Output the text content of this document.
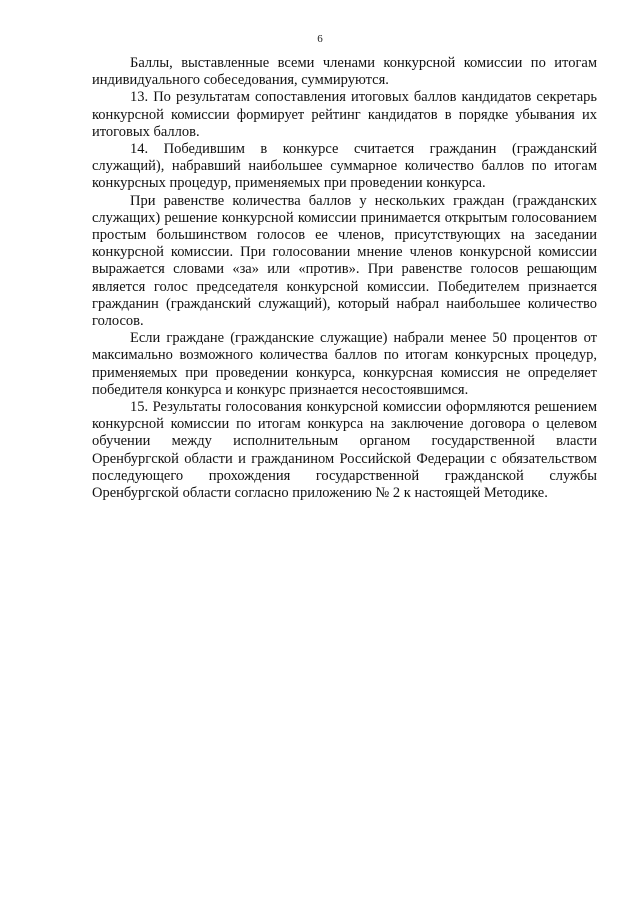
6

Баллы, выставленные всеми членами конкурсной комиссии по итогам индивидуального собеседования, суммируются.

13. По результатам сопоставления итоговых баллов кандидатов секретарь конкурсной комиссии формирует рейтинг кандидатов в порядке убывания их итоговых баллов.

14. Победившим в конкурсе считается гражданин (гражданский служащий), набравший наибольшее суммарное количество баллов по итогам конкурсных процедур, применяемых при проведении конкурса.

При равенстве количества баллов у нескольких граждан (гражданских служащих) решение конкурсной комиссии принимается открытым голосованием простым большинством голосов ее членов, присутствующих на заседании конкурсной комиссии. При голосовании мнение членов конкурсной комиссии выражается словами «за» или «против». При равенстве голосов решающим является голос председателя конкурсной комиссии. Победителем признается гражданин (гражданский служащий), который набрал наибольшее количество голосов.

Если граждане (гражданские служащие) набрали менее 50 процентов от максимально возможного количества баллов по итогам конкурсных процедур, применяемых при проведении конкурса, конкурсная комиссия не определяет победителя конкурса и конкурс признается несостоявшимся.

15. Результаты голосования конкурсной комиссии оформляются решением конкурсной комиссии по итогам конкурса на заключение договора о целевом обучении между исполнительным органом государственной власти Оренбургской области и гражданином Российской Федерации с обязательством последующего прохождения государственной гражданской службы Оренбургской области согласно приложению № 2 к настоящей Методике.
